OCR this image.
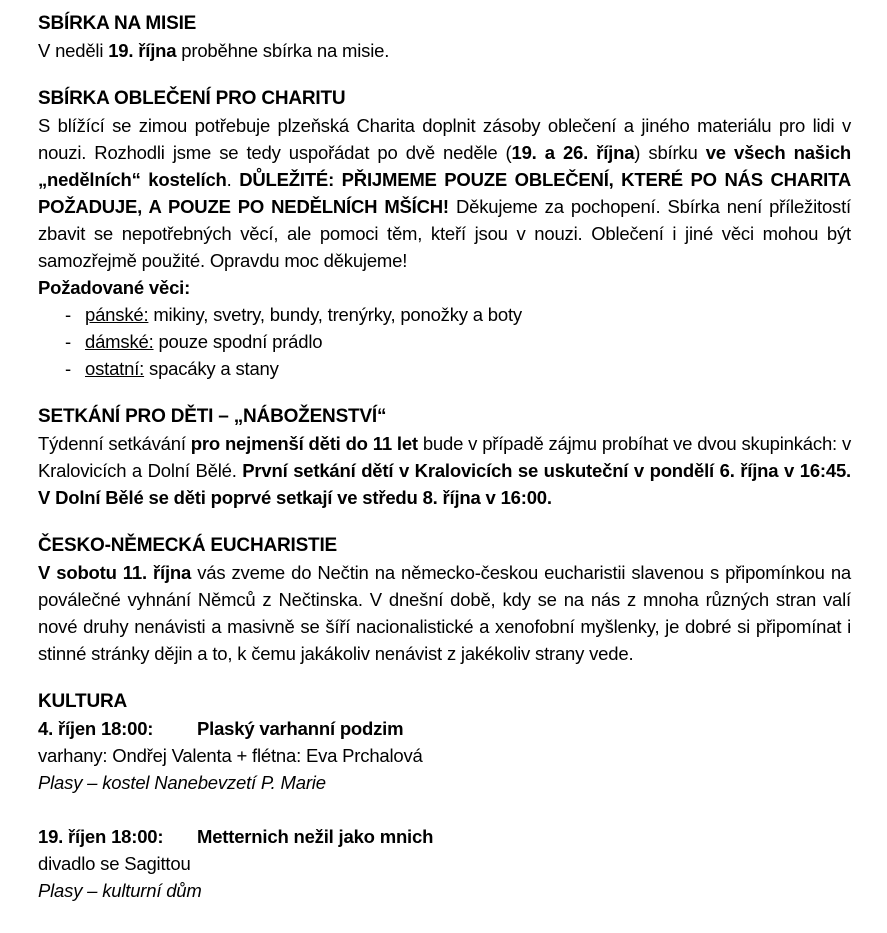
SBÍRKA NA MISIE

V neděli 19. října proběhne sbírka na misie.

SBÍRKA OBLEČENÍ PRO CHARITU

S blížící se zimou potřebuje plzeňská Charita doplnit zásoby oblečení a jiného materiálu pro lidi v nouzi. Rozhodli jsme se tedy uspořádat po dvě neděle (19. a 26. října) sbírku ve všech našich „nedělních“ kostelích. DŮLEŽITÉ: PŘIJMEME POUZE OBLEČENÍ, KTERÉ PO NÁS CHARITA POŽADUJE, A POUZE PO NEDĚLNÍCH MŠÍCH! Děkujeme za pochopení. Sbírka není příležitostí zbavit se nepotřebných věcí, ale pomoci těm, kteří jsou v nouzi. Oblečení i jiné věci mohou být samozřejmě použité. Opravdu moc děkujeme!

Požadované věci:

- pánské: mikiny, svetry, bundy, trenýrky, ponožky a boty
- dámské: pouze spodní prádlo
- ostatní: spacáky a stany
SETKÁNÍ PRO DĚTI – „NÁBOŽENSTVÍ“

Týdenní setkávání pro nejmenší děti do 11 let bude v případě zájmu probíhat ve dvou skupinkách: v Kralovicích a Dolní Bělé. První setkání dětí v Kralovicích se uskuteční v pondělí 6. října v 16:45. V Dolní Bělé se děti poprvé setkají ve středu 8. října v 16:00.

ČESKO-NĚMECKÁ EUCHARISTIE

V sobotu 11. října vás zveme do Nečtin na německo-českou eucharistii slavenou s připomínkou na poválečné vyhnání Němců z Nečtinska. V dnešní době, kdy se na nás z mnoha různých stran valí nové druhy nenávisti a masivně se šíří nacionalistické a xenofobní myšlenky, je dobré si připomínat i stinné stránky dějin a to, k čemu jakákoliv nenávist z jakékoliv strany vede.

KULTURA
4. říjen 18:00: Plaský varhanní podzim
varhany: Ondřej Valenta + flétna: Eva Prchalová
Plasy – kostel Nanebevzetí P. Marie
19. říjen 18:00: Metternich nežil jako mnich
divadlo se Sagittou
Plasy – kulturní dům
